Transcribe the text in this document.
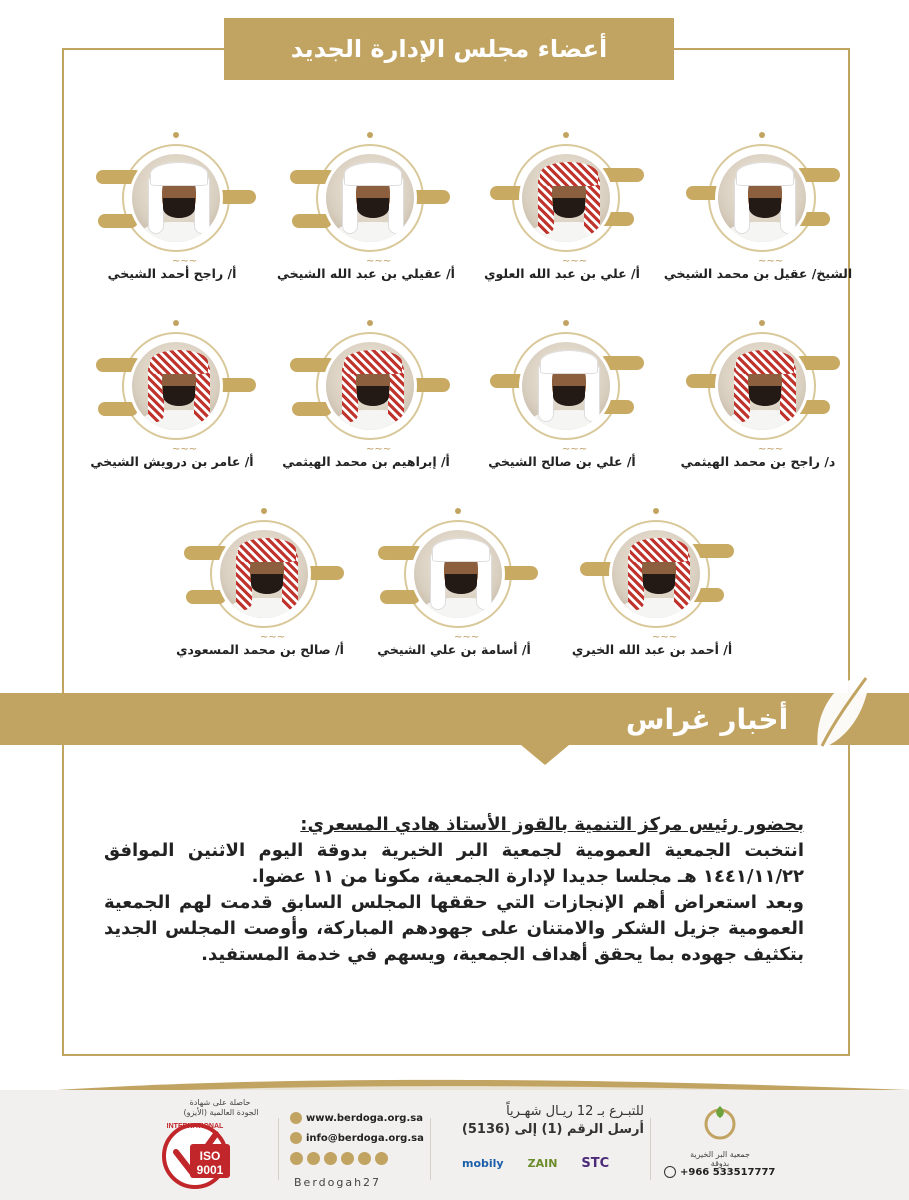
أعضاء مجلس الإدارة الجديد
~~~
الشيخ/ عقيل بن محمد الشيخي
~~~
أ/ علي بن عبد الله العلوي
~~~
أ/ عقيلي بن عبد الله الشيخي
~~~
أ/ راجح أحمد الشيخي
~~~
د/ راجح بن محمد الهيثمي
~~~
أ/ علي بن صالح الشيخي
~~~
أ/ إبراهيم بن محمد الهيثمي
~~~
أ/ عامر بن درويش الشيخي
~~~
أ/ أحمد بن عبد الله الخيري
~~~
أ/ أسامة بن علي الشيخي
~~~
أ/ صالح بن محمد المسعودي
أخبار غراس

بحضور رئيس مركز التنمية بالقوز الأستاذ هادي المسعري:

انتخبت الجمعية العمومية لجمعية البر الخيرية بدوقة اليوم الاثنين الموافق ١٤٤١/١١/٢٢ هـ مجلسا جديدا لإدارة الجمعية، مكونا من ١١ عضوا.

وبعد استعراض أهم الإنجازات التي حققها المجلس السابق قدمت لهم الجمعية العمومية جزيل الشكر والامتنان على جهودهم المباركة، وأوصت المجلس الجديد بتكثيف جهوده بما يحقق أهداف الجمعية، ويسهم في خدمة المستفيد.

جمعية البر الخيرية بدوقة
+966 533517777
للتبـرع بـ 12 ريـال شهـرياً
أرسل الرقم (1) إلى (5136)
mobily ZAIN STC
www.berdoga.org.sa
info@berdoga.org.sa
Berdogah27
حاصلة على شهادة
الجودة العالمية (الأيزو)
INTERNATIONAL
ISO
9001
